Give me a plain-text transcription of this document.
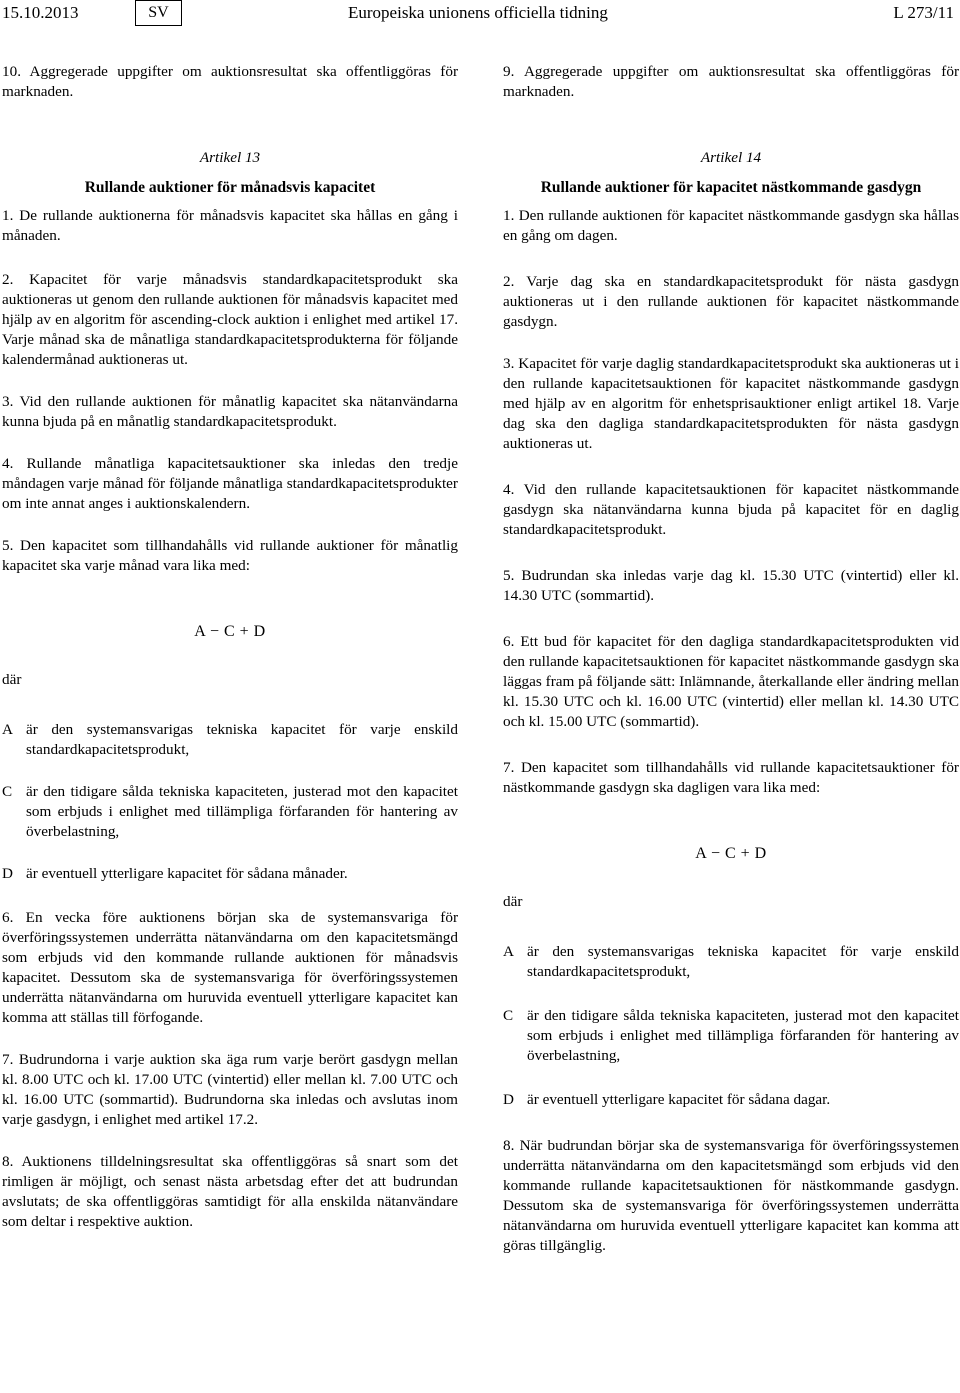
15.10.2013	SV	Europeiska unionens officiella tidning	L 273/11

10. Aggregerade uppgifter om auktionsresultat ska offentliggöras för marknaden.

Artikel 13
Rullande auktioner för månadsvis kapacitet

1. De rullande auktionerna för månadsvis kapacitet ska hållas en gång i månaden.

2. Kapacitet för varje månadsvis standardkapacitetsprodukt ska auktioneras ut genom den rullande auktionen för månadsvis kapacitet med hjälp av en algoritm för ascending-clock auktion i enlighet med artikel 17. Varje månad ska de månatliga standardkapacitetsprodukterna för följande kalendermånad auktioneras ut.

3. Vid den rullande auktionen för månatlig kapacitet ska nätanvändarna kunna bjuda på en månatlig standardkapacitetsprodukt.

4. Rullande månatliga kapacitetsauktioner ska inledas den tredje måndagen varje månad för följande månatliga standardkapacitetsprodukter om inte annat anges i auktionskalendern.

5. Den kapacitet som tillhandahålls vid rullande auktioner för månatlig kapacitet ska varje månad vara lika med:

A − C + D
där
A är den systemansvarigas tekniska kapacitet för varje enskild standardkapacitetsprodukt,
C är den tidigare sålda tekniska kapaciteten, justerad mot den kapacitet som erbjuds i enlighet med tillämpliga förfaranden för hantering av överbelastning,
D är eventuell ytterligare kapacitet för sådana månader.

6. En vecka före auktionens början ska de systemansvariga för överföringssystemen underrätta nätanvändarna om den kapacitetsmängd som erbjuds vid den kommande rullande auktionen för månadsvis kapacitet. Dessutom ska de systemansvariga för överföringssystemen underrätta nätanvändarna om huruvida eventuell ytterligare kapacitet kan komma att ställas till förfogande.

7. Budrundorna i varje auktion ska äga rum varje berört gasdygn mellan kl. 8.00 UTC och kl. 17.00 UTC (vintertid) eller mellan kl. 7.00 UTC och kl. 16.00 UTC (sommartid). Budrundorna ska inledas och avslutas inom varje gasdygn, i enlighet med artikel 17.2.

8. Auktionens tilldelningsresultat ska offentliggöras så snart som det rimligen är möjligt, och senast nästa arbetsdag efter det att budrundan avslutats; de ska offentliggöras samtidigt för alla enskilda nätanvändare som deltar i respektive auktion.

9. Aggregerade uppgifter om auktionsresultat ska offentliggöras för marknaden.

Artikel 14
Rullande auktioner för kapacitet nästkommande gasdygn

1. Den rullande auktionen för kapacitet nästkommande gasdygn ska hållas en gång om dagen.

2. Varje dag ska en standardkapacitetsprodukt för nästa gasdygn auktioneras ut i den rullande auktionen för kapacitet nästkommande gasdygn.

3. Kapacitet för varje daglig standardkapacitetsprodukt ska auktioneras ut i den rullande kapacitetsauktionen för kapacitet nästkommande gasdygn med hjälp av en algoritm för enhetsprisauktioner enligt artikel 18. Varje dag ska den dagliga standardkapacitetsprodukten för nästa gasdygn auktioneras ut.

4. Vid den rullande kapacitetsauktionen för kapacitet nästkommande gasdygn ska nätanvändarna kunna bjuda på kapacitet för en daglig standardkapacitetsprodukt.

5. Budrundan ska inledas varje dag kl. 15.30 UTC (vintertid) eller kl. 14.30 UTC (sommartid).

6. Ett bud för kapacitet för den dagliga standardkapacitetsprodukten vid den rullande kapacitetsauktionen för kapacitet nästkommande gasdygn ska läggas fram på följande sätt: Inlämnande, återkallande eller ändring mellan kl. 15.30 UTC och kl. 16.00 UTC (vintertid) eller mellan kl. 14.30 UTC och kl. 15.00 UTC (sommartid).

7. Den kapacitet som tillhandahålls vid rullande kapacitetsauktioner för nästkommande gasdygn ska dagligen vara lika med:

A − C + D
där
A är den systemansvarigas tekniska kapacitet för varje enskild standardkapacitetsprodukt,
C är den tidigare sålda tekniska kapaciteten, justerad mot den kapacitet som erbjuds i enlighet med tillämpliga förfaranden för hantering av överbelastning,
D är eventuell ytterligare kapacitet för sådana dagar.

8. När budrundan börjar ska de systemansvariga för överföringssystemen underrätta nätanvändarna om den kapacitetsmängd som erbjuds vid den kommande rullande kapacitetsauktionen för nästkommande gasdygn. Dessutom ska de systemansvariga för överföringssystemen underrätta nätanvändarna om huruvida eventuell ytterligare kapacitet kan komma att göras tillgänglig.
